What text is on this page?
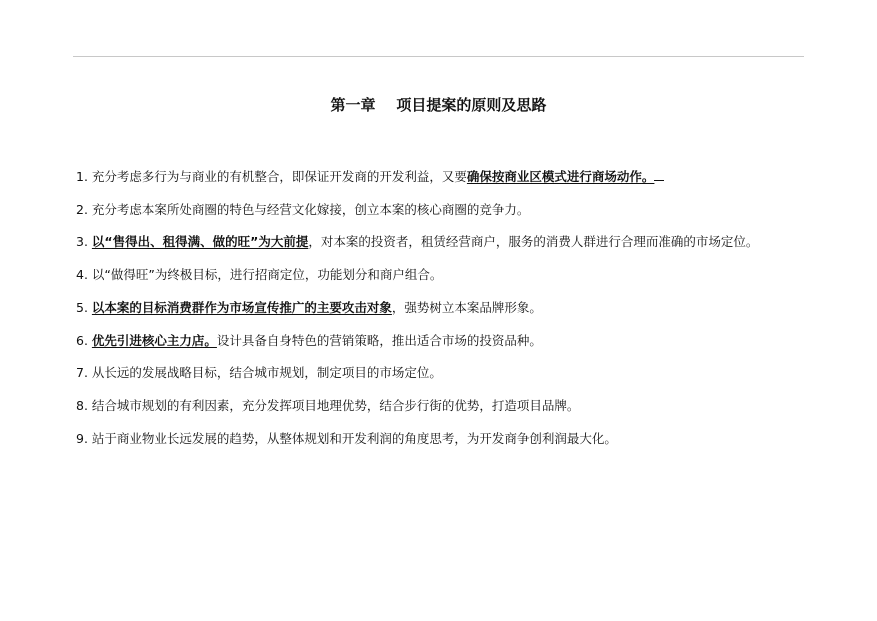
第一章    项目提案的原则及思路

1. 充分考虑多行为与商业的有机整合，即保证开发商的开发利益，又要确保按商业区模式进行商场动作。

2. 充分考虑本案所处商圈的特色与经营文化嫁接，创立本案的核心商圈的竞争力。

3. 以“售得出、租得满、做的旺”为大前提，对本案的投资者，租赁经营商户，服务的消费人群进行合理而准确的市场定位。

4. 以“做得旺”为终极目标，进行招商定位，功能划分和商户组合。

5. 以本案的目标消费群作为市场宣传推广的主要攻击对象，强势树立本案品牌形象。

6. 优先引进核心主力店。设计具备自身特色的营销策略，推出适合市场的投资品种。

7. 从长远的发展战略目标，结合城市规划，制定项目的市场定位。

8. 结合城市规划的有利因素，充分发挥项目地理优势，结合步行街的优势，打造项目品牌。

9. 站于商业物业长远发展的趋势，从整体规划和开发利润的角度思考，为开发商争创利润最大化。
